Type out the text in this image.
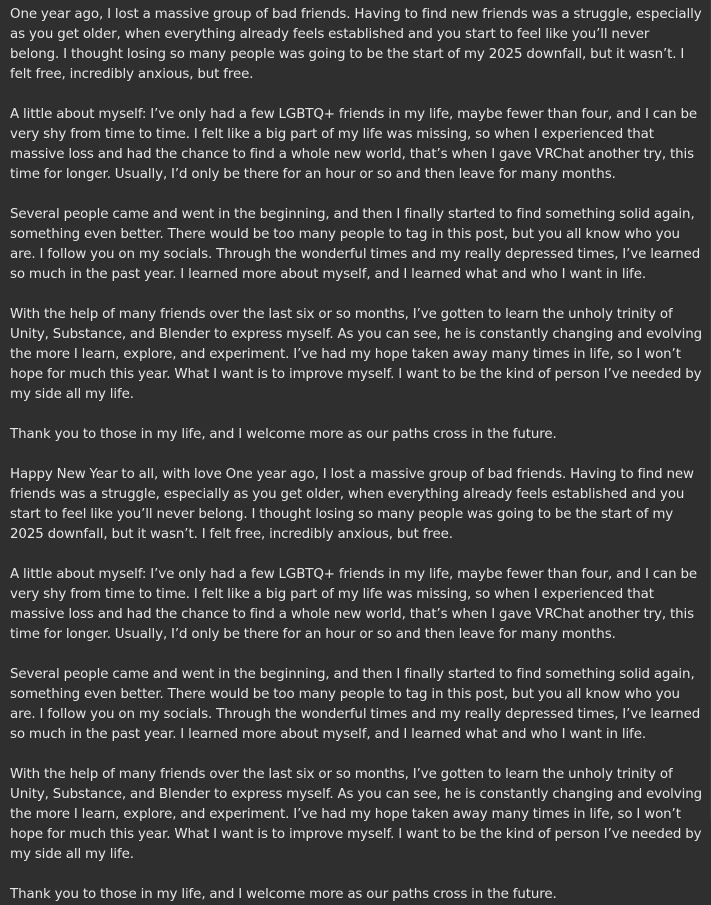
One year ago, I lost a massive group of bad friends. Having to find new friends was a struggle, especially as you get older, when everything already feels established and you start to feel like you’ll never belong. I thought losing so many people was going to be the start of my 2025 downfall, but it wasn’t. I felt free, incredibly anxious, but free.

A little about myself: I’ve only had a few LGBTQ+ friends in my life, maybe fewer than four, and I can be very shy from time to time. I felt like a big part of my life was missing, so when I experienced that massive loss and had the chance to find a whole new world, that’s when I gave VRChat another try, this time for longer. Usually, I’d only be there for an hour or so and then leave for many months.

Several people came and went in the beginning, and then I finally started to find something solid again, something even better. There would be too many people to tag in this post, but you all know who you are. I follow you on my socials. Through the wonderful times and my really depressed times, I’ve learned so much in the past year. I learned more about myself, and I learned what and who I want in life.

With the help of many friends over the last six or so months, I’ve gotten to learn the unholy trinity of Unity, Substance, and Blender to express myself. As you can see, he is constantly changing and evolving the more I learn, explore, and experiment. I’ve had my hope taken away many times in life, so I won’t hope for much this year. What I want is to improve myself. I want to be the kind of person I’ve needed by my side all my life.

Thank you to those in my life, and I welcome more as our paths cross in the future.

Happy New Year to all, with love One year ago, I lost a massive group of bad friends. Having to find new friends was a struggle, especially as you get older, when everything already feels established and you start to feel like you’ll never belong. I thought losing so many people was going to be the start of my 2025 downfall, but it wasn’t. I felt free, incredibly anxious, but free.

A little about myself: I’ve only had a few LGBTQ+ friends in my life, maybe fewer than four, and I can be very shy from time to time. I felt like a big part of my life was missing, so when I experienced that massive loss and had the chance to find a whole new world, that’s when I gave VRChat another try, this time for longer. Usually, I’d only be there for an hour or so and then leave for many months.

Several people came and went in the beginning, and then I finally started to find something solid again, something even better. There would be too many people to tag in this post, but you all know who you are. I follow you on my socials. Through the wonderful times and my really depressed times, I’ve learned so much in the past year. I learned more about myself, and I learned what and who I want in life.

With the help of many friends over the last six or so months, I’ve gotten to learn the unholy trinity of Unity, Substance, and Blender to express myself. As you can see, he is constantly changing and evolving the more I learn, explore, and experiment. I’ve had my hope taken away many times in life, so I won’t hope for much this year. What I want is to improve myself. I want to be the kind of person I’ve needed by my side all my life.

Thank you to those in my life, and I welcome more as our paths cross in the future.
